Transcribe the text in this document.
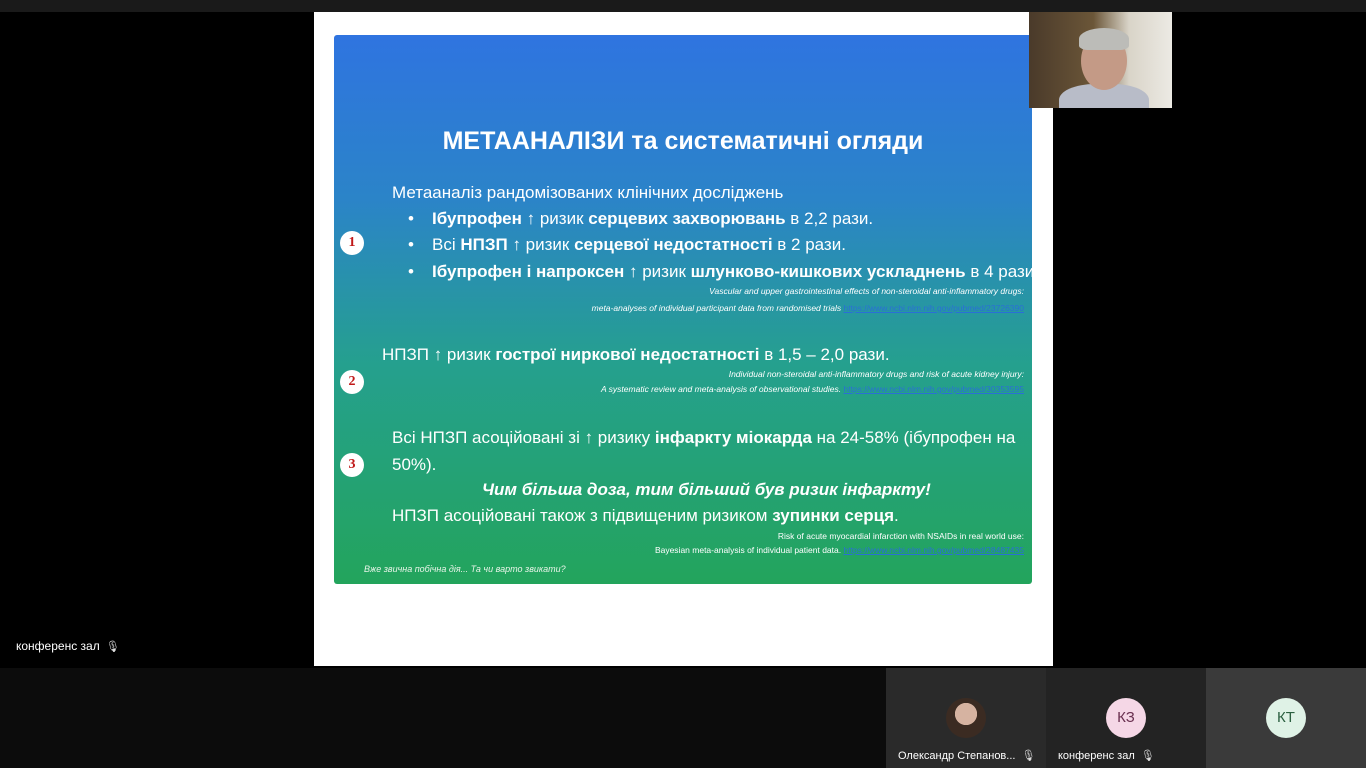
МЕТААНАЛІЗИ та систематичні огляди
1
Метааналіз рандомізованих клінічних досліджень
• Ібупрофен ↑ ризик серцевих захворювань в 2,2 рази.
• Всі НПЗП ↑ ризик серцевої недостатності в 2 рази.
• Ібупрофен і напроксен ↑ ризик шлунково-кишкових ускладнень в 4 рази.
Vascular and upper gastrointestinal effects of non-steroidal anti-inflammatory drugs:
meta-analyses of individual participant data from randomised trials https://www.ncbi.nlm.nih.gov/pubmed/23726390
2
НПЗП ↑ ризик гострої ниркової недостатності в 1,5 – 2,0 рази.
Individual non-steroidal anti-inflammatory drugs and risk of acute kidney injury:
A systematic review and meta-analysis of observational studies. https://www.ncbi.nlm.nih.gov/pubmed/30353595
3
Всі НПЗП асоційовані зі ↑ ризику інфаркту міокарда на 24-58% (ібупрофен на
50%).
Чим більша доза, тим більший був ризик інфаркту!
НПЗП асоційовані також з підвищеним ризиком зупинки серця.
Risk of acute myocardial infarction with NSAIDs in real world use:
Bayesian meta-analysis of individual patient data. https://www.ncbi.nlm.nih.gov/pubmed/28487435
Вже звична побічна дія... Та чи варто звикати?
конференс зал 🎙
Олександр Степанов... 🎙
КЗ
конференс зал 🎙
КТ
